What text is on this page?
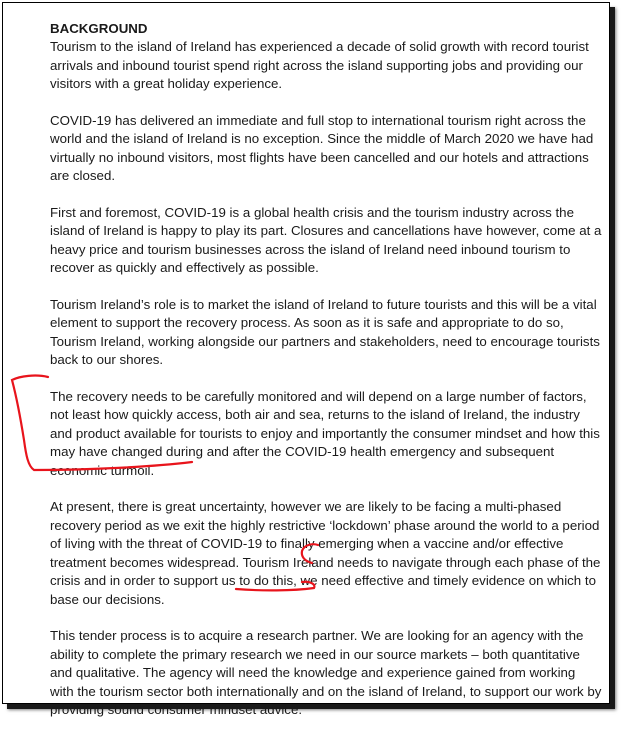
BACKGROUND

Tourism to the island of Ireland has experienced a decade of solid growth with record tourist arrivals and inbound tourist spend right across the island supporting jobs and providing our visitors with a great holiday experience.

COVID-19 has delivered an immediate and full stop to international tourism right across the world and the island of Ireland is no exception. Since the middle of March 2020 we have had virtually no inbound visitors, most flights have been cancelled and our hotels and attractions are closed.

First and foremost, COVID-19 is a global health crisis and the tourism industry across the island of Ireland is happy to play its part. Closures and cancellations have however, come at a heavy price and tourism businesses across the island of Ireland need inbound tourism to recover as quickly and effectively as possible.

Tourism Ireland’s role is to market the island of Ireland to future tourists and this will be a vital element to support the recovery process. As soon as it is safe and appropriate to do so, Tourism Ireland, working alongside our partners and stakeholders, need to encourage tourists back to our shores.

The recovery needs to be carefully monitored and will depend on a large number of factors, not least how quickly access, both air and sea, returns to the island of Ireland, the industry and product available for tourists to enjoy and importantly the consumer mindset and how this may have changed during and after the COVID-19 health emergency and subsequent economic turmoil.

At present, there is great uncertainty, however we are likely to be facing a multi-phased recovery period as we exit the highly restrictive ‘lockdown’ phase around the world to a period of living with the threat of COVID-19 to finally emerging when a vaccine and/or effective treatment becomes widespread. Tourism Ireland needs to navigate through each phase of the crisis and in order to support us to do this, we need effective and timely evidence on which to base our decisions.

This tender process is to acquire a research partner. We are looking for an agency with the ability to complete the primary research we need in our source markets – both quantitative and qualitative. The agency will need the knowledge and experience gained from working with the tourism sector both internationally and on the island of Ireland, to support our work by providing sound consumer mindset advice.
